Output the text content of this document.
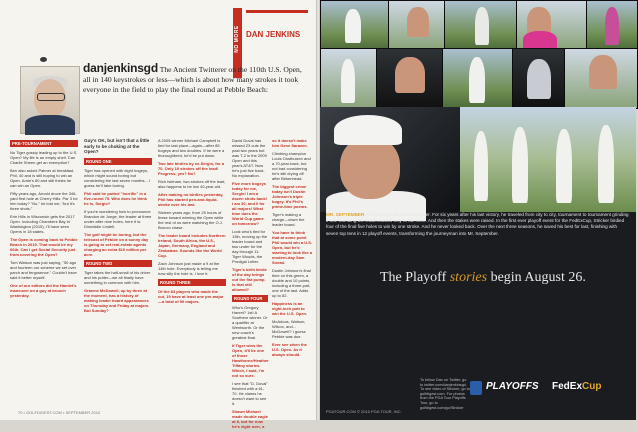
NO MORE DAN JENKINS
danjenkinsgd The Ancient Twitterer on the 110th U.S. Open, all in 140 keystrokes or less—which is about how many strokes it took everyone in the field to play the final round at Pebble Beach:
PRE-TOURNAMENT
No Tiger gossip leading up to the U.S. Open? My life is an empty shell. Can Charlie Sheen get an exemption?
Ben also asked Palmer at breakfast, Phil, 40 and is still hoping to win an Open. Arnie's 80 and still thinks he can win an Open.
Fifty years ago, Arnold drove the 346-yard first hole at Cherry Hills. Par 3 for him today? "No," he told me, "but it's three shots."
Erin Hills in Wisconsin gets the 2017 Open. Including Chambers Bay in Washington (2015), I'll have seen Opens in 18 states.
The Open is coming back to Pebble Beach in 2019. That would be my 66th. Can I get Social Security just from covering the Open?
Tom Watson was just saying, "50 ago and fourteen our scheme we set over parch and fergosence." Couldn't have said it better myself.
One of our editors did the Hamlet's maneuver on a guy at brunch yesterday.
Guy's OK, but isn't that a little early to be choking at the Open?
ROUND ONE
Tiger has opened with eight bogeys, which might sound boring but considering the last seven months... I guess he'll take boring.
Phil said he putted "horrific" in a five-round 75. Who does he think he is, Sergio?
If you're wondering how to pronounce Brandon de Jonge, the leader at three under after nine holes, here it is: Dinwiddie Lindell.
The golf might be boring, but the telecast of Pebble on a sunny day is going to set real-estate agents charging an extra $10 million per acre.
ROUND TWO
Tiger takes the half-small of his driver and his putter—we all finally have something in common with him.
Graeme McDowell, up by three at the moment, has a history of making leader board appearances on Thursday and Friday at majors. But Sunday?
A 2005 winner Michael Campbell is tied for last place—again—after 85 bogeys and two doubles. If he were a thoroughbred, he'd be put down.
Two late birdies by ex-Sergio, for a 70. Only 10 strokes off the lead! Progress, yes? No?
Rich Isleham, two strokes off the lead, also happens to be low 40-year-old.
After making no birdies yesterday, Phil has started pen-and-liquid-stroke over his last.
Sixteen years ago, from 25 hours of these toward winning the Open while the rest of us were watching the O.J. Bronco chase.
The leader board includes Northern Ireland, South Africa, the U.S., Japan, Germany, England and Zimbabwe. Sounds like the World Cup.
Zach Johnson just made a 9 at the 14th hole. Everybody is telling me how silly the hole is. I love it.
ROUND THREE
Of the 83 players who made the cut, 19 have at least one pre-major—a total of 50 majors.
David Duval has missed 23 cuts the past two years but was T-2 in the 2009 Open and this year's AT&T. Now he's just five back. No explanation.
Five more bogeys today for me, Sergio! I am a dozen shots back! I am 30, and 0 for all majors! What time does the World Cup game on tomorrow?
Look who's tied for 13th, moving up the leader board and two under for the day through 11: Tiger Woods, the Prodigal Letter.
Tiger's birth birdie of the day brings out the fist pump. Is that still allowed?
ROUND FOUR
Who's Gregory Havret? 1st! A Southern winner. Or a qualifier at Wentworth. Or the new coach's greatest final.
If Tiger wins the Open, it'll be one of those Hawthorne/Heather Tiffany stories. Which, I said, I'm not so sure.
I see that "D. Duval" finished with a 61-70. He claims he doesn't want to see it.
Shawn Michael made double eagle at 8, but for now he's eight over, a
so it doesn't make him Gene Sarazen.
Climbing champion Louis Oosthuizen and a 70-year-back, but not bad considering he's still drying off after Birkenhead.
The biggest crime today isn't Dustin Johnson's triple bogey. It's Phil's prime-time poems.
Tiger's making a charge—down the leader board.
You have to think that at some point Phil would win a U.S. Open, but he's starting to look like a modern-day Sam Snead.
Dustin Johnson's final time on this green, a double and 10 points, including a three-putt, one of the last. Adds up to 82.
Happiness is an eight-inch putt to win the U.S. Open.
McAdoos, Watson, Wilcox, and... McDowell? I guess Pebble was due.
Ever see when the U.S. Open. As it always should.
70 • GOLFDIGEST.COM • SEPTEMBER 2010
MR. SEPTEMBER The journeyman, Steve Stricker. For six years after his last victory, he traveled from city to city, tournament to tournament grinding it out. Climbing the leaderboards only to fall short. And then the stakes were raised. In the first ever playoff event for the FedExCup, Stricker birdied four of the final five holes to win by one stroke. And he never looked back. Over the next three seasons, he saved his best for last, finishing with seven top tens in 12 playoff events, transforming the journeyman into Mr. September.
The Playoff stories begin August 26.
To follow Dan on Twitter, go to twitter.com/danjenkinsgd. To see video of Stricker, go to golfdigest.com. For photos from the PGA Tour Playoffs Tour, go to golfdigest.com/go/Stricker
PLAYOFFS FedExCup
PGATOUR.COM © 2010 PGA TOUR, INC.
